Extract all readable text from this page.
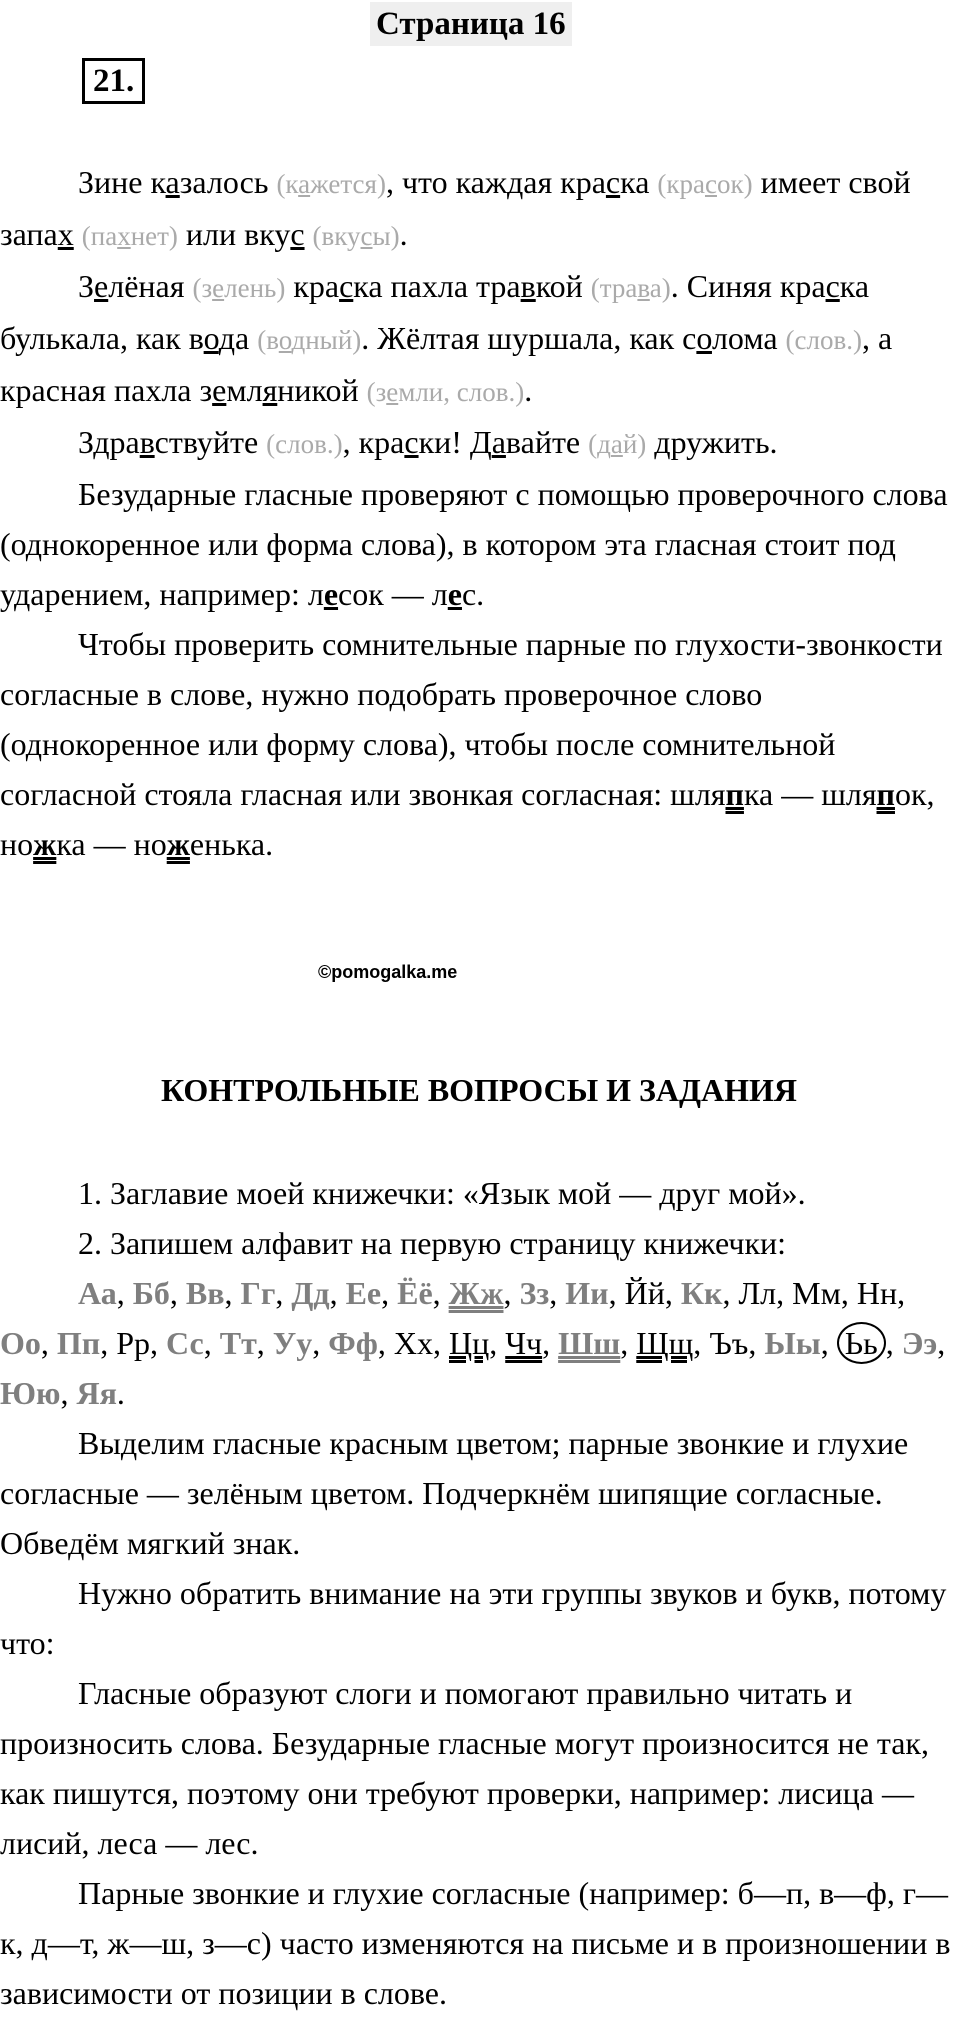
Страница 16
21.

Зине казалось (кажется), что каждая краска (красок) имеет свой запах (пахнет) или вкус (вкусы).

Зелёная (зелень) краска пахла травкой (трава). Синяя краска булькала, как вода (водный). Жёлтая шуршала, как солома (слов.), а красная пахла земляникой (земли, слов.).

Здравствуйте (слов.), краски! Давайте (дай) дружить.

Безударные гласные проверяют с помощью проверочного слова (однокоренное или форма слова), в котором эта гласная стоит под ударением, например: лесок — лес.

Чтобы проверить сомнительные парные по глухости-звонкости согласные в слове, нужно подобрать проверочное слово (однокоренное или форму слова), чтобы после сомнительной согласной стояла гласная или звонкая согласная: шляпка — шляпок, ножка — ноженька.

©pomogalka.me
КОНТРОЛЬНЫЕ ВОПРОСЫ И ЗАДАНИЯ

1. Заглавие моей книжечки: «Язык мой — друг мой».

2. Запишем алфавит на первую страницу книжечки:

Аа, Бб, Вв, Гг, Дд, Ее, Ёё, Жж, Зз, Ии, Йй, Кк, Лл, Мм, Нн, Оо, Пп, Рр, Сс, Тт, Уу, Фф, Хх, Цц, Чч, Шш, Щщ, Ъъ, Ыы, Ьь , Ээ, Юю, Яя.

Выделим гласные красным цветом; парные звонкие и глухие согласные — зелёным цветом. Подчеркнём шипящие согласные. Обведём мягкий знак.

Нужно обратить внимание на эти группы звуков и букв, потому что:

Гласные образуют слоги и помогают правильно читать и произносить слова. Безударные гласные могут произносится не так, как пишутся, поэтому они требуют проверки, например: лисица — лисий, леса — лес.

Парные звонкие и глухие согласные (например: б—п, в—ф, г—к, д—т, ж—ш, з—с) часто изменяются на письме и в произношении в зависимости от позиции в слове.
